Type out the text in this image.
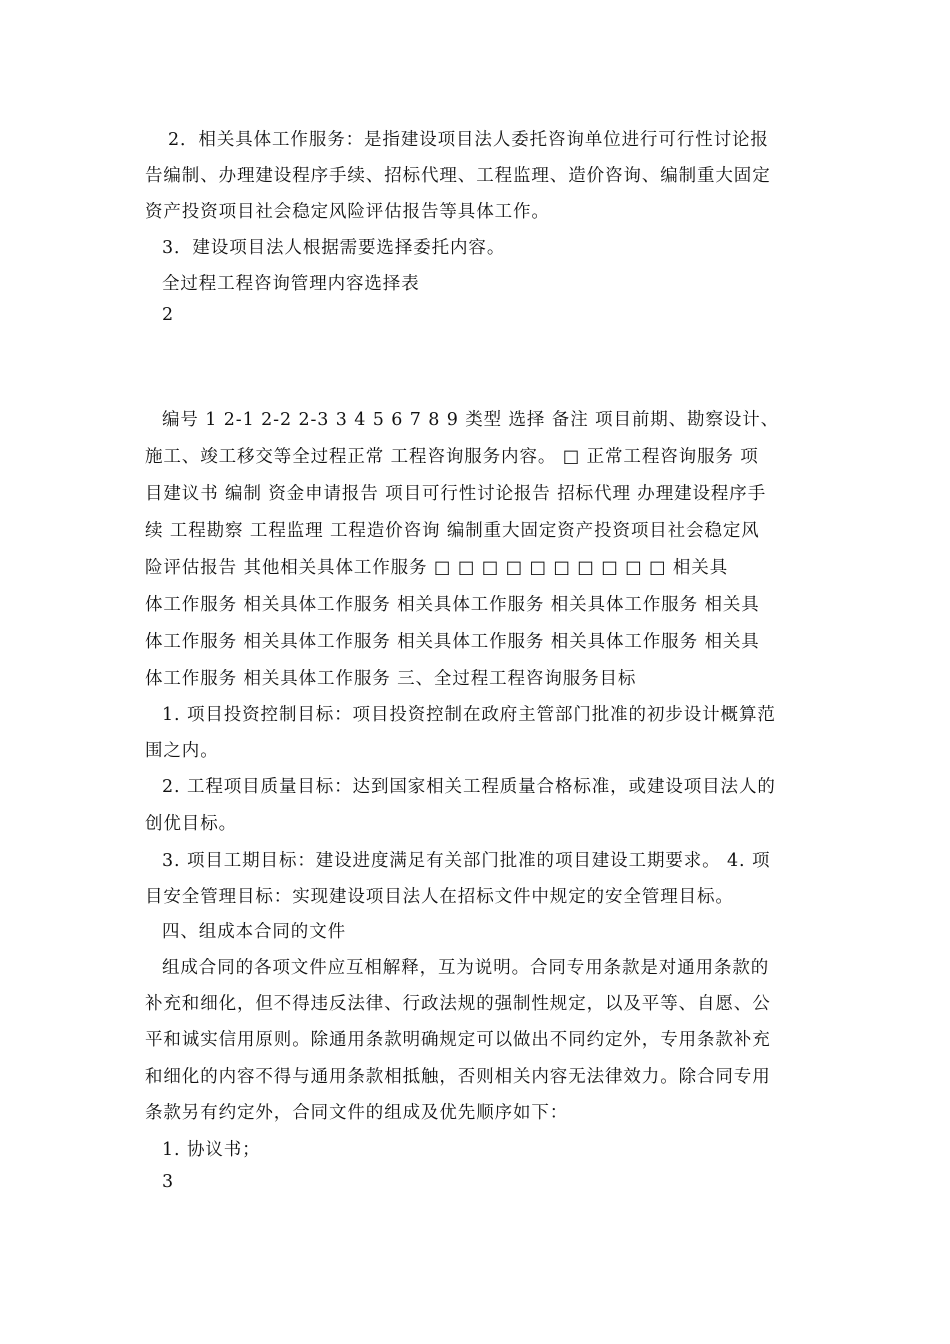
2．相关具体工作服务：是指建设项目法人委托咨询单位进行可行性讨论报
告编制、办理建设程序手续、招标代理、工程监理、造价咨询、编制重大固定
资产投资项目社会稳定风险评估报告等具体工作。
3．建设项目法人根据需要选择委托内容。
全过程工程咨询管理内容选择表
2
编号 1 2-1 2-2 2-3 3 4 5 6 7 8 9 类型 选择 备注 项目前期、勘察设计、
施工、竣工移交等全过程正常 工程咨询服务内容。 □ 正常工程咨询服务 项
目建议书 编制 资金申请报告 项目可行性讨论报告 招标代理 办理建设程序手
续 工程勘察 工程监理 工程造价咨询 编制重大固定资产投资项目社会稳定风
险评估报告 其他相关具体工作服务 □ □ □ □ □ □ □ □ □ □ 相关具
体工作服务 相关具体工作服务 相关具体工作服务 相关具体工作服务 相关具
体工作服务 相关具体工作服务 相关具体工作服务 相关具体工作服务 相关具
体工作服务 相关具体工作服务 三、全过程工程咨询服务目标
1. 项目投资控制目标：项目投资控制在政府主管部门批准的初步设计概算范
围之内。
2. 工程项目质量目标：达到国家相关工程质量合格标准，或建设项目法人的
创优目标。
3. 项目工期目标：建设进度满足有关部门批准的项目建设工期要求。 4. 项
目安全管理目标：实现建设项目法人在招标文件中规定的安全管理目标。
四、组成本合同的文件
组成合同的各项文件应互相解释，互为说明。合同专用条款是对通用条款的
补充和细化，但不得违反法律、行政法规的强制性规定，以及平等、自愿、公
平和诚实信用原则。除通用条款明确规定可以做出不同约定外，专用条款补充
和细化的内容不得与通用条款相抵触，否则相关内容无法律效力。除合同专用
条款另有约定外，合同文件的组成及优先顺序如下：
1. 协议书；
3
